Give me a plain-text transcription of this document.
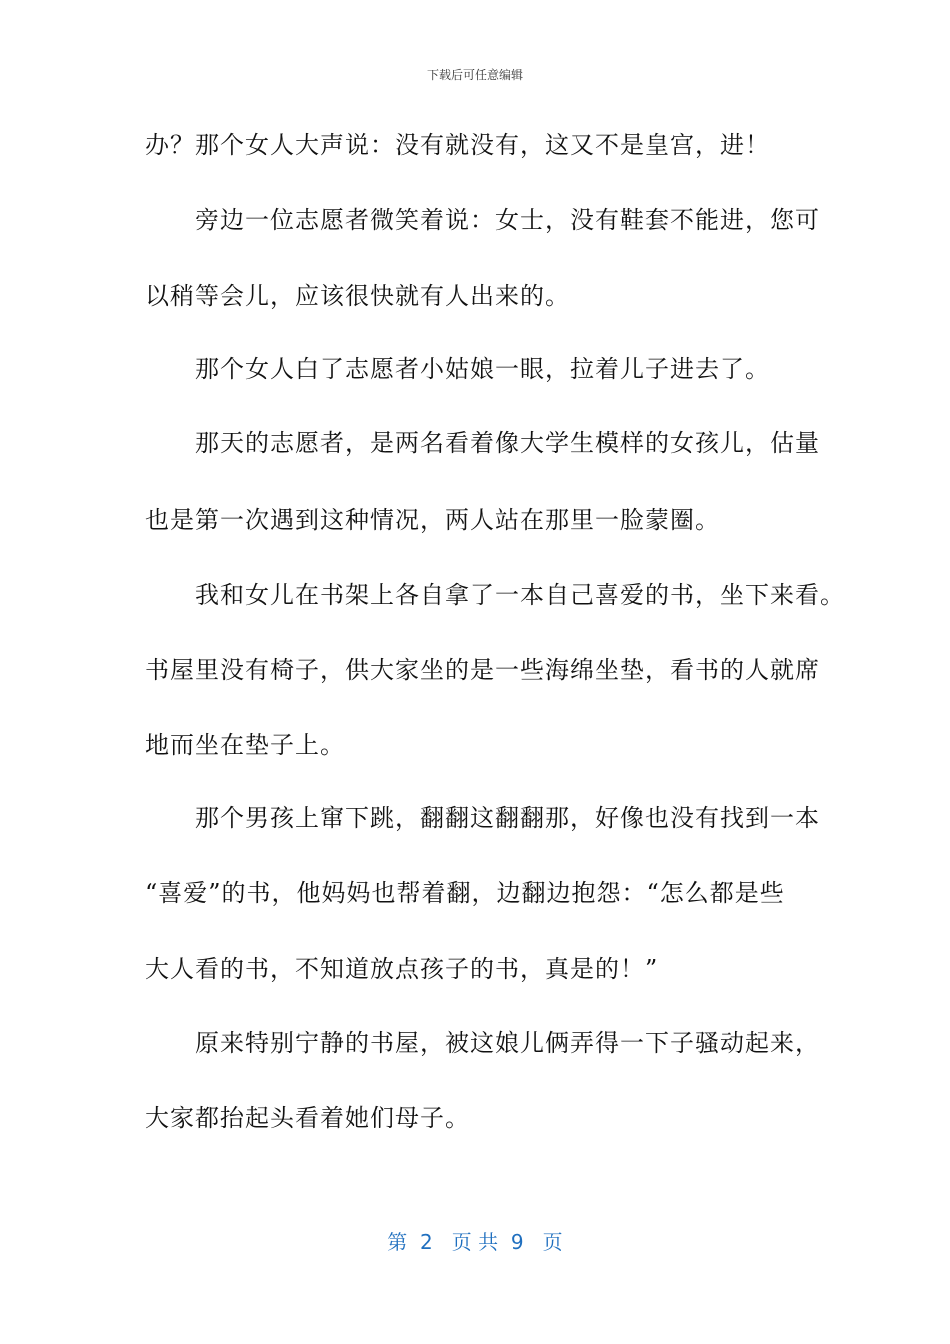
下载后可任意编辑
办？那个女人大声说：没有就没有，这又不是皇宫，进！
　　旁边一位志愿者微笑着说：女士，没有鞋套不能进，您可
以稍等会儿，应该很快就有人出来的。
　　那个女人白了志愿者小姑娘一眼，拉着儿子进去了。
　　那天的志愿者，是两名看着像大学生模样的女孩儿，估量
也是第一次遇到这种情况，两人站在那里一脸蒙圈。
　　我和女儿在书架上各自拿了一本自己喜爱的书，坐下来看。
书屋里没有椅子，供大家坐的是一些海绵坐垫，看书的人就席
地而坐在垫子上。
　　那个男孩上窜下跳，翻翻这翻翻那，好像也没有找到一本
“喜爱”的书，他妈妈也帮着翻，边翻边抱怨：“怎么都是些
大人看的书，不知道放点孩子的书，真是的！”
　　原来特别宁静的书屋，被这娘儿俩弄得一下子骚动起来，
大家都抬起头看着她们母子。
第  2   页 共  9   页
